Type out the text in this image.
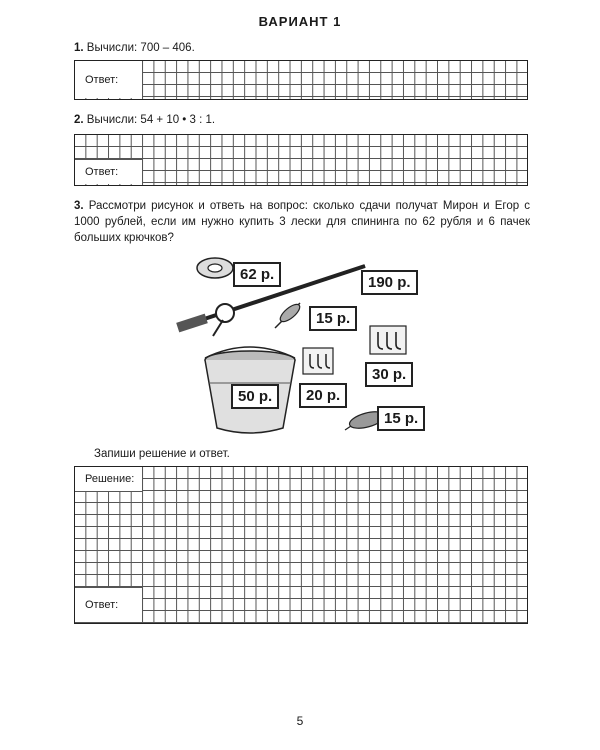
ВАРИАНТ 1
1. Вычисли: 700 – 406.
Ответ:
2. Вычисли: 54 + 10 • 3 : 1.
Ответ:
3. Рассмотри рисунок и ответь на вопрос: сколько сдачи получат Мирон и Егор с 1000 рублей, если им нужно купить 3 лески для спининга по 62 рубля и 6 пачек больших крючков?
62 р.	190 р.
15 р.
30 р.
20 р.
50 р.
15 р.
Запиши решение и ответ.
Решение:
Ответ:
5
